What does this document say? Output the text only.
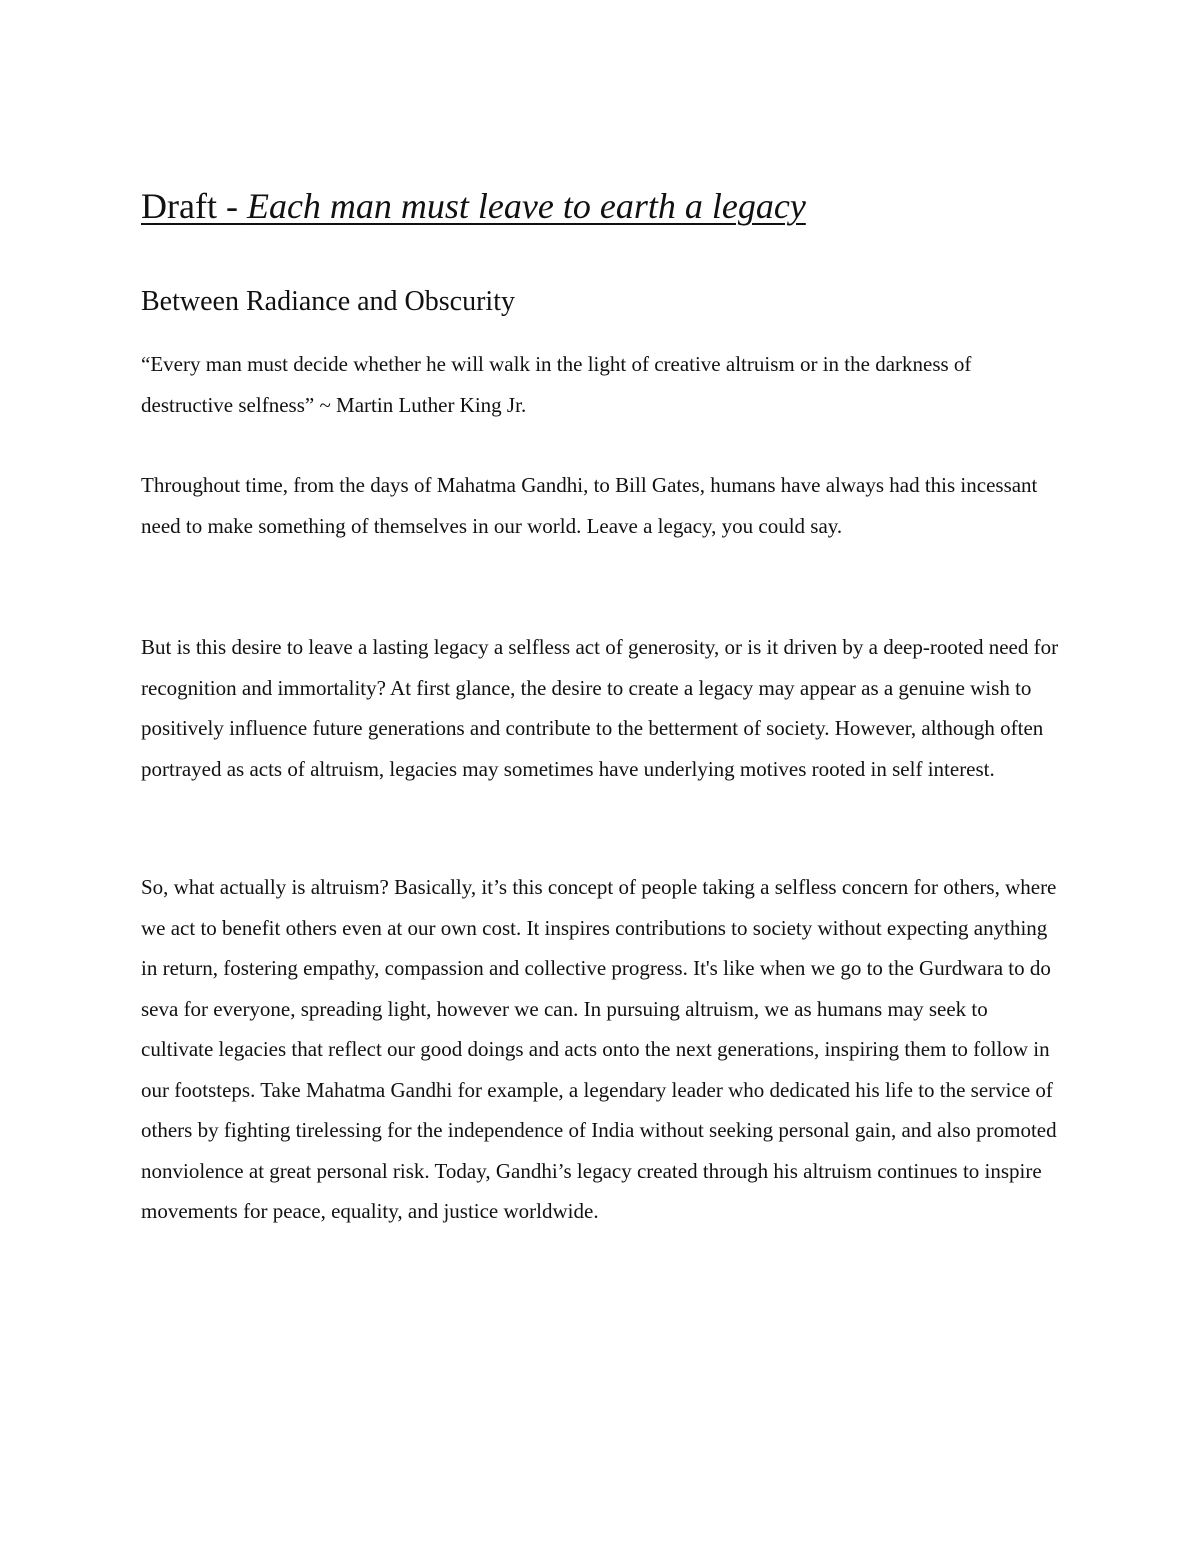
Draft - Each man must leave to earth a legacy
Between Radiance and Obscurity

“Every man must decide whether he will walk in the light of creative altruism or in the darkness of destructive selfness” ~ Martin Luther King Jr.

Throughout time, from the days of Mahatma Gandhi, to Bill Gates, humans have always had this incessant need to make something of themselves in our world. Leave a legacy, you could say.

But is this desire to leave a lasting legacy a selfless act of generosity, or is it driven by a deep-rooted need for recognition and immortality? At first glance, the desire to create a legacy may appear as a genuine wish to positively influence future generations and contribute to the betterment of society. However, although often portrayed as acts of altruism, legacies may sometimes have underlying motives rooted in self interest.

So, what actually is altruism? Basically, it’s this concept of people taking a selfless concern for others, where we act to benefit others even at our own cost. It inspires contributions to society without expecting anything in return, fostering empathy, compassion and collective progress. It's like when we go to the Gurdwara to do seva for everyone, spreading light, however we can. In pursuing altruism, we as humans may seek to cultivate legacies that reflect our good doings and acts onto the next generations, inspiring them to follow in our footsteps. Take Mahatma Gandhi for example, a legendary leader who dedicated his life to the service of others by fighting tirelessing for the independence of India without seeking personal gain, and also promoted nonviolence at great personal risk. Today, Gandhi’s legacy created through his altruism continues to inspire movements for peace, equality, and justice worldwide.
